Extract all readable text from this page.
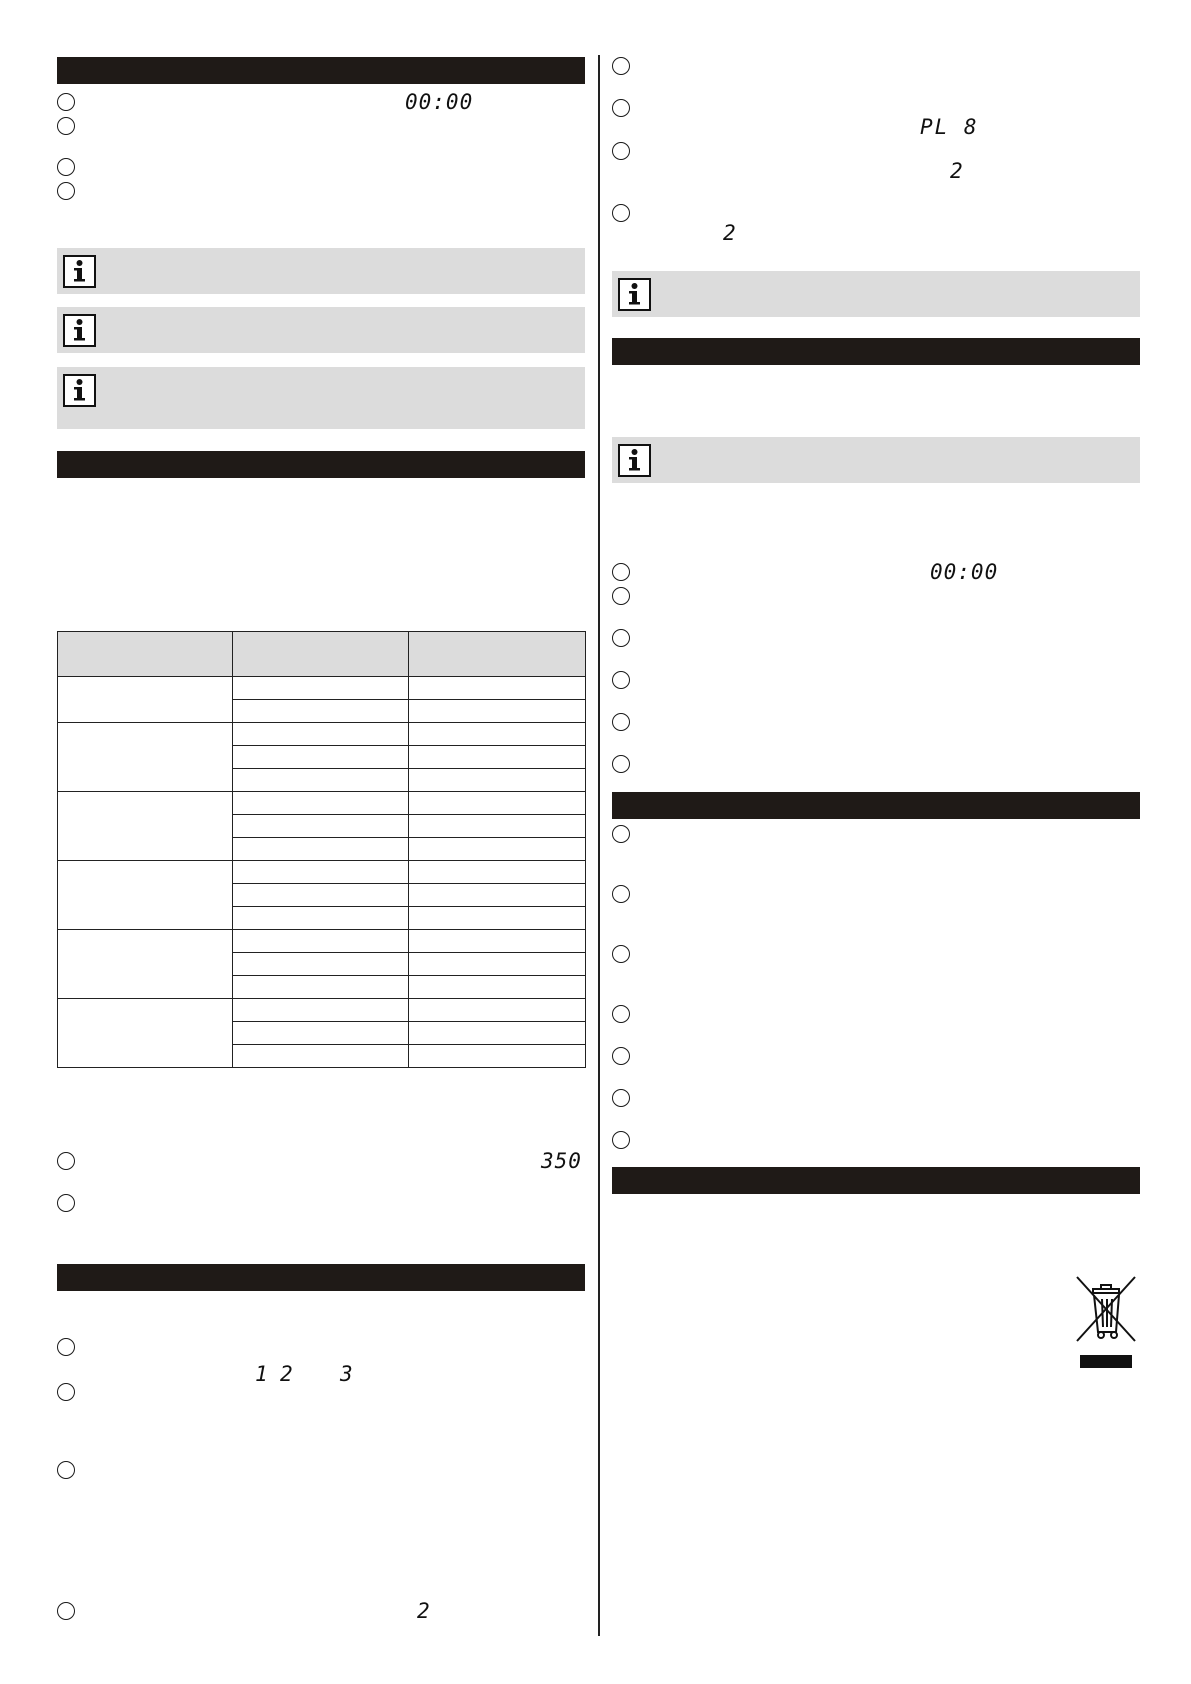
00:00

350
1 2 3
2
PL 8
2
2
00:00
